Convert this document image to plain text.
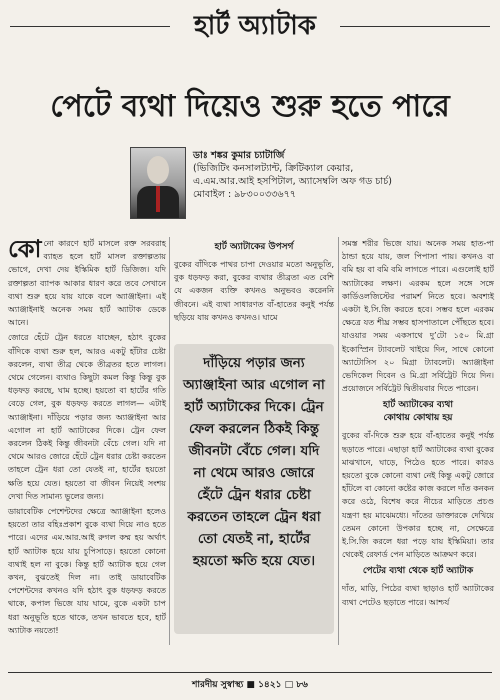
হার্ট অ্যাটাক
পেটে ব্যথা দিয়েও শুরু হতে পারে
ডাঃ শঙ্কর কুমার চ্যাটার্জি
(ভিজিটিং কনসালট্যান্ট, ক্রিটিক্যাল কেয়ার,
এ.এম.আর.আই হসপিটাল, অ্যাসেম্বলি অফ গড চার্চ)
মোবাইল : ৯৮৩০০৩৩৬৭৭

কোনো কারণে হার্ট মাসলে রক্ত সরবরাহ ব্যাহত হলে হার্ট মাসল রক্তাল্পতায় ভোগে, দেখা দেয় ইস্কিমিক হার্ট ডিজিজ। যদি রক্তাল্পতা ব্যাপক আকার ধারণ করে তবে সেখানে ব্যথা শুরু হয়ে যায় যাকে বলে অ্যাঞ্জাইনা। এই অ্যাঞ্জাইনাই অনেক সময় হার্ট অ্যাটাক ডেকে আনে।

জোরে হেঁটে ট্রেন ধরতে যাচ্ছেন, হঠাৎ বুকের বাঁদিকে ব্যথা শুরু হল, আরও একটু হাঁটার চেষ্টা করলেন, ব্যথা তীব্র থেকে তীব্রতর হতে লাগল। থেমে গেলেন। ব্যথাও কিছুটা কমল কিন্তু কিন্তু বুক ধড়ফড় করছে, ঘাম হচ্ছে। হয়তো বা হার্টের গতি বেড়ে গেল, বুক ধড়ফড় করতে লাগল— এটাই অ্যাঞ্জাইনা। দাঁড়িয়ে পড়ার জন্য অ্যাঞ্জাইনা আর এগোল না হার্ট অ্যাটাকের দিকে। ট্রেন ফেল করলেন ঠিকই কিন্তু জীবনটা বেঁচে গেল। যদি না থেমে আরও জোরে হেঁটে ট্রেন ধরার চেষ্টা করতেন তাহলে ট্রেন ধরা তো যেতই না, হার্টের হয়তো ক্ষতি হয়ে যেত। হয়তো বা জীবন নিয়েই সংশয় দেখা দিত সামান্য ভুলের জন্য।

ডায়াবেটিক পেশেন্টদের ক্ষেত্রে অ্যাঞ্জাইনা হলেও হয়তো তার বহিঃপ্রকাশ বুকে ব্যথা দিয়ে নাও হতে পারে। এদের এম.আর.আই রুগল কম্ম হয় অর্থাৎ হার্ট অ্যাটাক হয়ে যায় চুপিসাড়ে। হয়তো কোনো ব্যথাই হল না বুকে। কিন্তু হার্ট অ্যাটাক হয়ে গেল কখন, বুঝতেই দিল না। তাই ডায়াবেটিক পেশেন্টদের কখনও যদি হঠাৎ বুক ধড়ফড় করতে থাকে, কপাল ভিজে যায় ঘামে, বুকে একটা চাপ ধরা অনুভূতি হতে থাকে, তখন ভাবতে হবে, হার্ট অ্যাটাক নয়তো!

হার্ট অ্যাটাকের উপসর্গ

বুকের বাঁদিকে পাথর চাপা দেওয়ার মতো অনুভূতি, বুক ধড়ফড় করা, বুকের ব্যথার তীব্রতা এত বেশি যে একজন ব্যক্তি কখনও অনুভবও করেননি জীবনে। এই ব্যথা সাধারণত বাঁ-হাতের কনুই পর্যন্ত ছড়িয়ে যায় কখনও কখনও। ঘামে

দাঁড়িয়ে পড়ার জন্য অ্যাঞ্জাইনা আর এগোল না হার্ট অ্যাটাকের দিকে। ট্রেন ফেল করলেন ঠিকই কিন্তু জীবনটা বেঁচে গেল। যদি না থেমে আরও জোরে হেঁটে ট্রেন ধরার চেষ্টা করতেন তাহলে ট্রেন ধরা তো যেতই না, হার্টের হয়তো ক্ষতি হয়ে যেত।

সমস্ত শরীর ভিজে যায়। অনেক সময় হাত-পা ঠান্ডা হয়ে যায়, জল পিপাসা পায়। কখনও বা বমি হয় বা বমি বমি লাগতে পারে। এগুলোই হার্ট অ্যাটাকের লক্ষণ। এরকম হলে সঙ্গে সঙ্গে কার্ডিওলজিস্টের পরামর্শ নিতে হবে। অবশ্যই একটা ই.সি.জি করতে হবে। সম্ভব হলে এরকম ক্ষেত্রে যত শীঘ্র সম্ভব হাসপাতালে পৌঁছতে হবে। যাওয়ার সময় একসাথে দু’টো ১৫০ মি.গ্রা ইকোস্প্রিন ট্যাবলেট খাইয়ে দিন, সাথে কোনো অ্যাটোসিস ২০ মিগ্রা ট্যাবলেট। অ্যাঞ্জাইনা ভেদিকেল দিবেন ও মি.গ্রা সর্বিট্রেট দিয়ে দিন। প্রয়োজনে সর্বিট্রেট দ্বিতীয়বার দিতে পারেন।

হার্ট অ্যাটাকের ব্যথা
কোথায় কোথায় হয়

বুকের বাঁ-দিকে শুরু হয়ে বাঁ-হাতের কনুই পর্যন্ত ছড়াতে পারে। এছাড়া হার্ট অ্যাটাকের ব্যথা বুকের মাঝখানে, ঘাড়ে, পিঠেও হতে পারে। কারও হয়তো বুকে কোনো ব্যথা নেই কিন্তু একটু জোরে হাঁটলে বা কোনো কষ্টের কাজ করলে দাঁত কনকন করে ওঠে, বিশেষ করে নীচের মাড়িতে প্রচণ্ড যন্ত্রণা হয় মাঝেমধ্যে। দাঁতের ডাক্তারকে দেখিয়ে তেমন কোনো উপকার হচ্ছে না, সেক্ষেত্রে ই.সি.জি করলে ধরা পড়ে যায় ইস্কিমিয়া। তার থেকেই রেফার্ড পেন মাড়িতে আক্রমণ করে।

পেটের ব্যথা থেকে হার্ট অ্যাটাক

দাঁত, মাড়ি, পিঠের ব্যথা ছাড়াও হার্ট অ্যাটাকের ব্যথা পেটেও ছড়াতে পারে। আশ্চর্য

শারদীয় সুস্বাস্থ্য ■ ১৪২১ □ ৮৬
